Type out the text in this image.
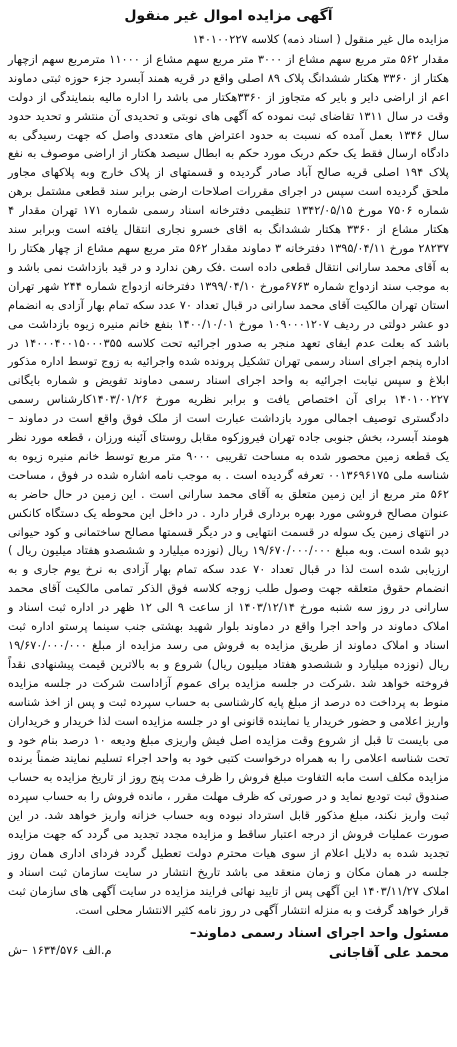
آگهی مزایده اموال غیر منقول

مزایده مال غیر منقول ( اسناد ذمه) کلاسه ۱۴۰۱۰۰۲۲۷

مقدار ۵۶۲ متر مربع سهم مشاع از ۳۰۰۰ متر مربع سهم مشاع از ۱۱۰۰۰ مترمربع سهم ازچهار هکتار از ۳۳۶۰ هکتار ششدانگ پلاک ۸۹ اصلی واقع در قریه همند آبسرد جزء حوزه ثبتی دماوند اعم از اراضی دایر و بایر که متجاوز از ۳۳۶۰هکتار می باشد را اداره مالیه بنمایندگی از دولت وقت در سال ۱۳۱۱ تقاضای ثبت نموده که آگهی های نوبتی و تحدیدی آن منتشر و تحدید حدود سال ۱۳۴۶ بعمل آمده که نسبت به حدود اعتراض های متعددی واصل که جهت رسیدگی به دادگاه ارسال فقط یک حکم دربک مورد حکم به ابطال سیصد هکتار از اراضی موصوف به نفع پلاک ۱۹۴ اصلی قریه صالح آباد صادر گردیده و قسمتهای از پلاک خارج وبه پلاکهای مجاور ملحق گردیده است سپس در اجرای مقررات اصلاحات ارضی برابر سند قطعی مشتمل برهن شماره ۷۵۰۶ مورخ ۱۳۴۲/۰۵/۱۵ تنظیمی دفترخانه اسناد رسمی شماره ۱۷۱ تهران مقدار ۴ هکتار مشاع از ۳۳۶۰ هکتار ششدانگ به اقای خسرو نجاری انتقال یافته است وبرابر سند ۲۸۲۳۷ مورخ ۱۳۹۵/۰۴/۱۱ دفترخانه ۳ دماوند مقدار ۵۶۲ متر مربع سهم مشاع از چهار هکتار را به آقای محمد سارانی انتقال قطعی داده است .فک رهن ندارد و در قید بازداشت نمی باشد و به موجب سند ازدواج شماره ۶۷۶۳مورخ ۱۳۹۹/۰۴/۱۰ دفترخانه ازدواج شماره ۲۴۴ شهر تهران استان تهران مالکیت آقای محمد سارانی در قبال تعداد ۷۰ عدد سکه تمام بهار آزادی به انضمام دو عشر دولتی در ردیف ۱۰۹۰۰۰۱۲۰۷ مورخ ۱۴۰۰/۱۰/۰۱ بنفع خانم منیره زیوه بازداشت می باشد که بعلت عدم ایفای تعهد منجر به صدور اجرائیه تحت کلاسه ۱۴۰۰۰۴۰۰۱۵۰۰۰۳۵۵ در اداره پنجم اجرای اسناد رسمی تهران تشکیل پرونده شده واجرائیه به زوج توسط اداره مذکور ابلاغ و سپس نیابت اجرائیه به واحد اجرای اسناد رسمی دماوند تفویض و شماره بایگانی ۱۴۰۱۰۰۲۲۷ برای آن اختصاص یافت و برابر نظریه مورخ ۱۴۰۳/۰۱/۲۶کارشناس رسمی دادگستری توصیف اجمالی مورد بازداشت عبارت است از ملک فوق واقع است در دماوند – هومند آبسرد، بخش جنوبی جاده تهران فیروزکوه مقابل روستای آئینه ورزان ، قطعه مورد نظر یک قطعه زمین محصور شده به مساحت تقریبی ۹۰۰۰ متر مربع توسط خانم منیره زیوه به شناسه ملی ۰۰۱۳۶۹۶۱۷۵ تعرفه گردیده است . به موجب نامه اشاره شده در فوق ، مساحت ۵۶۲ متر مربع از این زمین متعلق به آقای محمد سارانی است . این زمین در حال حاضر به عنوان مصالح فروشی مورد بهره برداری قرار دارد . در داخل این محوطه یک دستگاه کانکس در انتهای زمین یک سوله در قسمت انتهایی و در دیگر قسمتها مصالح ساختمانی و کود حیوانی دپو شده است. وبه مبلغ ۱۹/۶۷۰/۰۰۰/۰۰۰ ریال (نوزده میلیارد و ششصدو هفتاد میلیون ریال ) ارزیابی شده است لذا در قبال تعداد ۷۰ عدد سکه تمام بهار آزادی به نرخ یوم جاری و به انضمام حقوق متعلقه جهت وصول طلب زوجه کلاسه فوق الذکر تمامی مالکیت آقای محمد سارانی در روز سه شنبه مورخ ۱۴۰۳/۱۲/۱۴ از ساعت ۹ الی ۱۲ ظهر در اداره ثبت اسناد و املاک دماوند در واحد اجرا واقع در دماوند بلوار شهید بهشتی جنب سینما پرستو اداره ثبت اسناد و املاک دماوند از طریق مزایده به فروش می رسد مزایده از مبلغ ۱۹/۶۷۰/۰۰۰/۰۰۰ ریال (نوزده میلیارد و ششصدو هفتاد میلیون ریال) شروع و به بالاترین قیمت پیشنهادی نقداً فروخته خواهد شد .شرکت در جلسه مزایده برای عموم آزاداست شرکت در جلسه مزایده منوط به پرداخت ده درصد از مبلغ پایه کارشناسی به حساب سپرده ثبت و پس از اخذ شناسه واریز اعلامی و حضور خریدار یا نماینده قانونی او در جلسه مزایده است لذا خریدار و خریداران می بایست تا قبل از شروع وقت مزایده اصل فیش واریزی مبلغ ودیعه ۱۰ درصد بنام خود و تحت شناسه اعلامی را به همراه درخواست کتبی خود به واحد اجراء تسلیم نمایند ضمناً برنده مزایده مکلف است مابه التفاوت مبلغ فروش را ظرف مدت پنج روز از تاریخ مزایده به حساب صندوق ثبت تودیع نماید و در صورتی که ظرف مهلت مقرر ، مانده فروش را به حساب سپرده ثبت واریز نکند، مبلغ مذکور قابل استرداد نبوده وبه حساب خزانه واریز خواهد شد. در این صورت عملیات فروش از درجه اعتبار ساقط و مزایده مجدد تجدید می گردد که جهت مزایده تجدید شده به دلایل اعلام از سوی هیات محترم دولت تعطیل گردد فردای اداری همان روز جلسه در همان مکان و زمان منعقد می باشد تاریخ انتشار در سایت سازمان ثبت اسناد و املاک ۱۴۰۳/۱۱/۲۷ این آگهی پس از تایید نهائی فرایند مزایده در سایت آگهی های سازمان ثبت قرار خواهد گرفت و به منزله انتشار آگهی در روز نامه کثیر الانتشار محلی است.

م.الف ۱۶۳۴/۵۷۶ –ش
مسئول واحد اجرای اسناد رسمی دماوند–
محمد علی آقاجانی
